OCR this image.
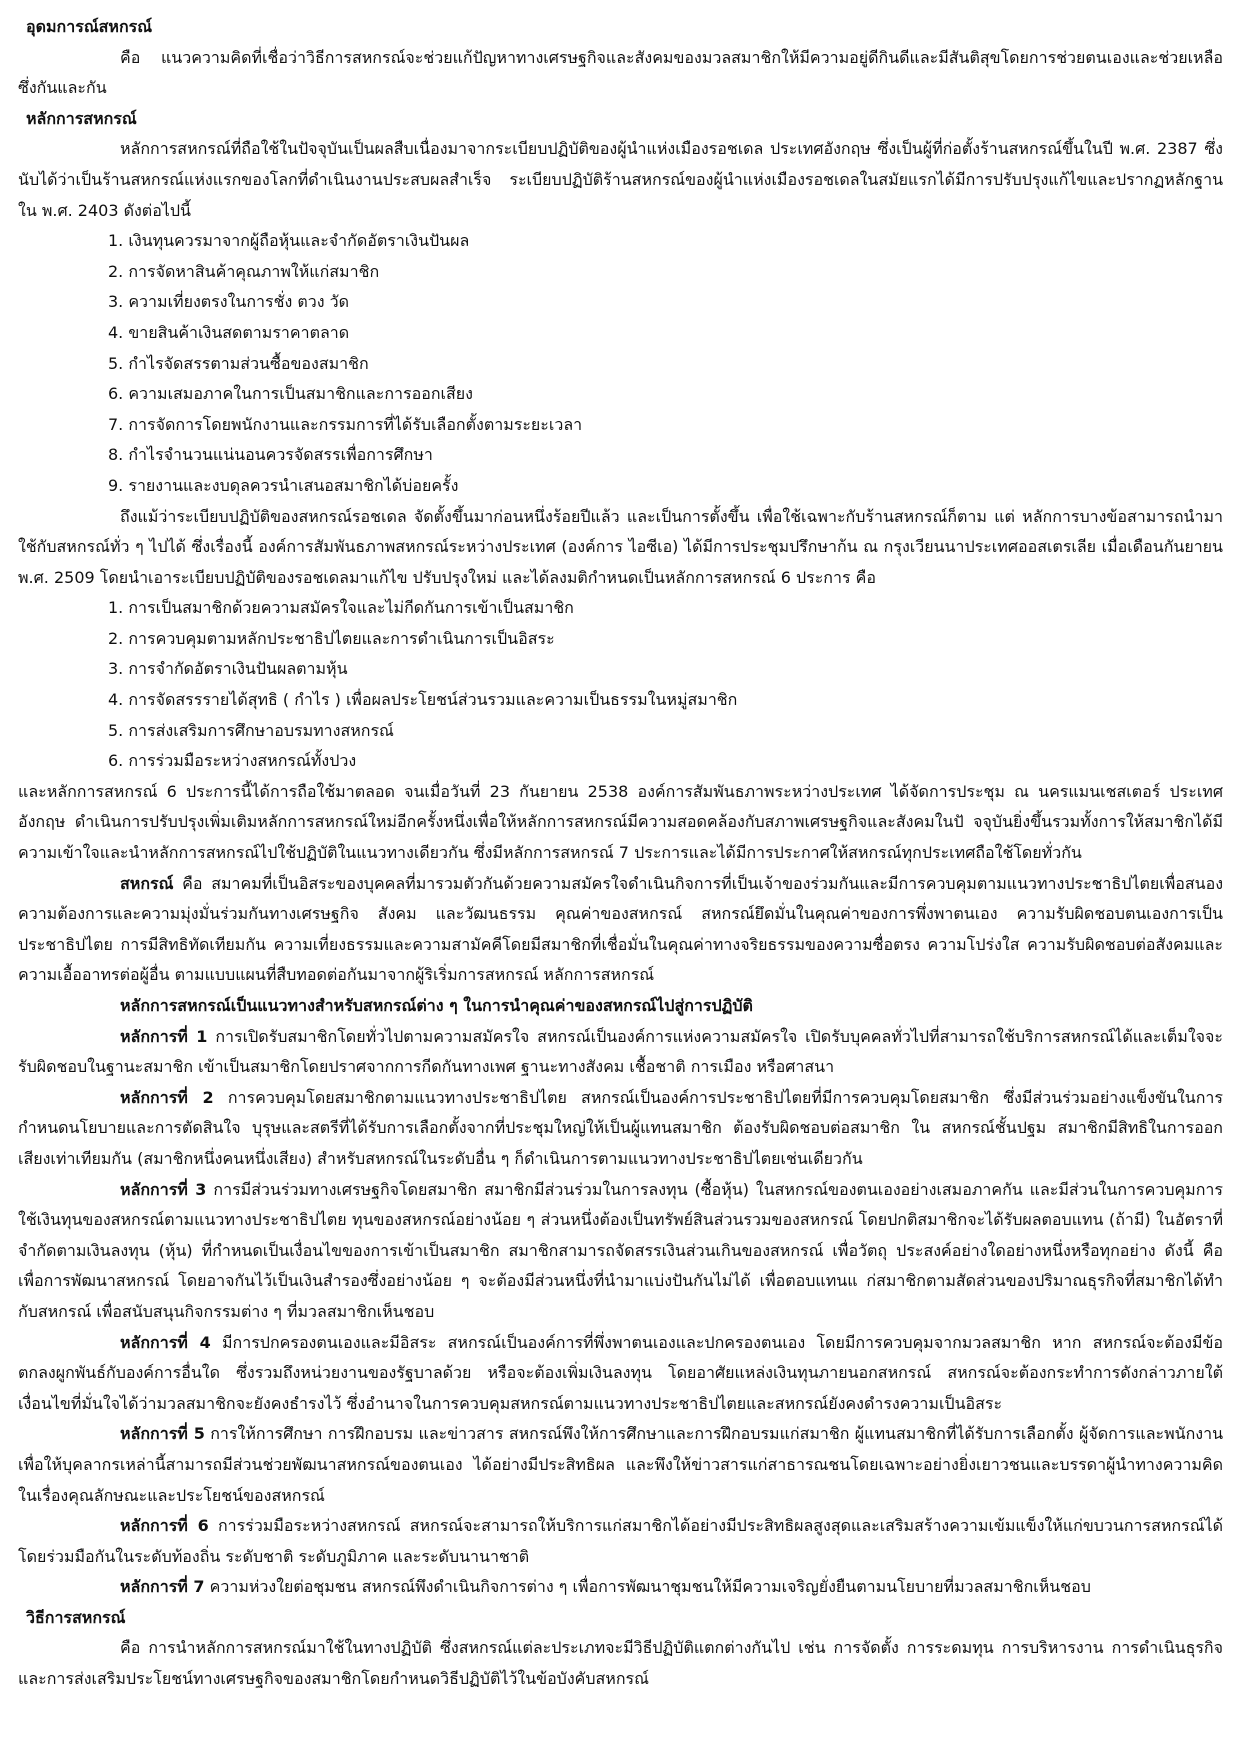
อุดมการณ์สหกรณ์

คือ แนวความคิดที่เชื่อว่าวิธีการสหกรณ์จะช่วยแก้ปัญหาทางเศรษฐกิจและสังคมของมวลสมาชิกให้มีความอยู่ดีกินดีและมีสันติสุขโดยการช่วยตนเองและช่วยเหลือซึ่งกันและกัน

หลักการสหกรณ์

หลักการสหกรณ์ที่ถือใช้ในปัจจุบันเป็นผลสืบเนื่องมาจากระเบียบปฏิบัติของผู้นำแห่งเมืองรอชเดล ประเทศอังกฤษ ซึ่งเป็นผู้ที่ก่อตั้งร้านสหกรณ์ขึ้นในปี พ.ศ. 2387 ซึ่งนับได้ว่าเป็นร้านสหกรณ์แห่งแรกของโลกที่ดำเนินงานประสบผลสำเร็จ ระเบียบปฏิบัติร้านสหกรณ์ของผู้นำแห่งเมืองรอชเดลในสมัยแรกได้มีการปรับปรุงแก้ไขและปรากฏหลักฐานใน พ.ศ. 2403 ดังต่อไปนี้

1. เงินทุนควรมาจากผู้ถือหุ้นและจำกัดอัตราเงินปันผล
2. การจัดหาสินค้าคุณภาพให้แก่สมาชิก
3. ความเที่ยงตรงในการชั่ง ตวง วัด
4. ขายสินค้าเงินสดตามราคาตลาด
5. กำไรจัดสรรตามส่วนซื้อของสมาชิก
6. ความเสมอภาคในการเป็นสมาชิกและการออกเสียง
7. การจัดการโดยพนักงานและกรรมการที่ได้รับเลือกตั้งตามระยะเวลา
8. กำไรจำนวนแน่นอนควรจัดสรรเพื่อการศึกษา
9. รายงานและงบดุลควรนำเสนอสมาชิกได้บ่อยครั้ง

ถึงแม้ว่าระเบียบปฏิบัติของสหกรณ์รอชเดล จัดตั้งขึ้นมาก่อนหนึ่งร้อยปีแล้ว และเป็นการตั้งขึ้น เพื่อใช้เฉพาะกับร้านสหกรณ์ก็ตาม แต่ หลักการบางข้อสามารถนำมาใช้กับสหกรณ์ทั่ว ๆ ไปได้ ซึ่งเรื่องนี้ องค์การสัมพันธภาพสหกรณ์ระหว่างประเทศ (องค์การ ไอซีเอ) ได้มีการประชุมปรึกษาก้น ณ กรุงเวียนนาประเทศออสเตรเลีย เมื่อเดือนกันยายน พ.ศ. 2509 โดยนำเอาระเบียบปฏิบัติของรอชเดลมาแก้ไข ปรับปรุงใหม่ และได้ลงมติกำหนดเป็นหลักการสหกรณ์ 6 ประการ คือ

1. การเป็นสมาชิกด้วยความสมัครใจและไม่กีดกันการเข้าเป็นสมาชิก
2. การควบคุมตามหลักประชาธิปไตยและการดำเนินการเป็นอิสระ
3. การจำกัดอัตราเงินปันผลตามหุ้น
4. การจัดสรรรายได้สุทธิ ( กำไร ) เพื่อผลประโยชน์ส่วนรวมและความเป็นธรรมในหมู่สมาชิก
5. การส่งเสริมการศึกษาอบรมทางสหกรณ์
6. การร่วมมือระหว่างสหกรณ์ทั้งปวง

และหลักการสหกรณ์ 6 ประการนี้ได้การถือใช้มาตลอด จนเมื่อวันที่ 23 กันยายน 2538 องค์การสัมพันธภาพระหว่างประเทศ ได้จัดการประชุม ณ นครแมนเชสเตอร์ ประเทศอังกฤษ ดำเนินการปรับปรุงเพิ่มเติมหลักการสหกรณ์ใหม่อีกครั้งหนึ่งเพื่อให้หลักการสหกรณ์มีความสอดคล้องกับสภาพเศรษฐกิจและสังคมในปั จจุบันยิ่งขึ้นรวมทั้งการให้สมาชิกได้มีความเข้าใจและนำหลักการสหกรณ์ไปใช้ปฏิบัติในแนวทางเดียวกัน ซึ่งมีหลักการสหกรณ์ 7 ประการและได้มีการประกาศให้สหกรณ์ทุกประเทศถือใช้โดยทั่วกัน

สหกรณ์ คือ สมาคมที่เป็นอิสระของบุคคลที่มารวมตัวกันด้วยความสมัครใจดำเนินกิจการที่เป็นเจ้าของร่วมกันและมีการควบคุมตามแนวทางประชาธิปไตยเพื่อสนองความต้องการและความมุ่งมั่นร่วมกันทางเศรษฐกิจ สังคม และวัฒนธรรม คุณค่าของสหกรณ์ สหกรณ์ยึดมั่นในคุณค่าของการพึ่งพาตนเอง ความรับผิดชอบตนเองการเป็นประชาธิปไตย การมีสิทธิทัดเทียมกัน ความเที่ยงธรรมและความสามัคคีโดยมีสมาชิกที่เชื่อมั่นในคุณค่าทางจริยธรรมของความซื่อตรง ความโปร่งใส ความรับผิดชอบต่อสังคมและความเอื้ออาทรต่อผู้อื่น ตามแบบแผนที่สืบทอดต่อกันมาจากผู้ริเริ่มการสหกรณ์ หลักการสหกรณ์

หลักการสหกรณ์เป็นแนวทางสำหรับสหกรณ์ต่าง ๆ ในการนำคุณค่าของสหกรณ์ไปสู่การปฏิบัติ

หลักการที่ 1 การเปิดรับสมาชิกโดยทั่วไปตามความสมัครใจ สหกรณ์เป็นองค์การแห่งความสมัครใจ เปิดรับบุคคลทั่วไปที่สามารถใช้บริการสหกรณ์ได้และเต็มใจจะรับผิดชอบในฐานะสมาชิก เข้าเป็นสมาชิกโดยปราศจากการกีดกันทางเพศ ฐานะทางสังคม เชื้อชาติ การเมือง หรือศาสนา

หลักการที่ 2 การควบคุมโดยสมาชิกตามแนวทางประชาธิปไตย สหกรณ์เป็นองค์การประชาธิปไตยที่มีการควบคุมโดยสมาชิก ซึ่งมีส่วนร่วมอย่างแข็งขันในการกำหนดนโยบายและการตัดสินใจ บุรุษและสตรีที่ได้รับการเลือกตั้งจากที่ประชุมใหญ่ให้เป็นผู้แทนสมาชิก ต้องรับผิดชอบต่อสมาชิก ใน สหกรณ์ชั้นปฐม สมาชิกมีสิทธิในการออกเสียงเท่าเทียมกัน (สมาชิกหนึ่งคนหนึ่งเสียง) สำหรับสหกรณ์ในระดับอื่น ๆ ก็ดำเนินการตามแนวทางประชาธิปไตยเช่นเดียวกัน

หลักการที่ 3 การมีส่วนร่วมทางเศรษฐกิจโดยสมาชิก สมาชิกมีส่วนร่วมในการลงทุน (ซื้อหุ้น) ในสหกรณ์ของตนเองอย่างเสมอภาคกัน และมีส่วนในการควบคุมการใช้เงินทุนของสหกรณ์ตามแนวทางประชาธิปไตย ทุนของสหกรณ์อย่างน้อย ๆ ส่วนหนึ่งต้องเป็นทรัพย์สินส่วนรวมของสหกรณ์ โดยปกติสมาชิกจะได้รับผลตอบแทน (ถ้ามี) ในอัตราที่จำกัดตามเงินลงทุน (หุ้น) ที่กำหนดเป็นเงื่อนไขของการเข้าเป็นสมาชิก สมาชิกสามารถจัดสรรเงินส่วนเกินของสหกรณ์ เพื่อวัตถุ ประสงค์อย่างใดอย่างหนึ่งหรือทุกอย่าง ดังนี้ คือ เพื่อการพัฒนาสหกรณ์ โดยอาจกันไว้เป็นเงินสำรองซึ่งอย่างน้อย ๆ จะต้องมีส่วนหนึ่งที่นำมาแบ่งปันกันไม่ได้ เพื่อตอบแทนแ ก่สมาชิกตามสัดส่วนของปริมาณธุรกิจที่สมาชิกได้ทำกับสหกรณ์ เพื่อสนับสนุนกิจกรรมต่าง ๆ ที่มวลสมาชิกเห็นชอบ

หลักการที่ 4 มีการปกครองตนเองและมีอิสระ สหกรณ์เป็นองค์การที่พึ่งพาตนเองและปกครองตนเอง โดยมีการควบคุมจากมวลสมาชิก หาก สหกรณ์จะต้องมีข้อตกลงผูกพันธ์กับองค์การอื่นใด ซึ่งรวมถึงหน่วยงานของรัฐบาลด้วย หรือจะต้องเพิ่มเงินลงทุน โดยอาศัยแหล่งเงินทุนภายนอกสหกรณ์ สหกรณ์จะต้องกระทำการดังกล่าวภายใต้เงื่อนไขที่มั่นใจได้ว่ามวลสมาชิกจะยังคงธำรงไว้ ซึ่งอำนาจในการควบคุมสหกรณ์ตามแนวทางประชาธิปไตยและสหกรณ์ยังคงดำรงความเป็นอิสระ

หลักการที่ 5 การให้การศึกษา การฝึกอบรม และข่าวสาร สหกรณ์พึงให้การศึกษาและการฝึกอบรมแก่สมาชิก ผู้แทนสมาชิกที่ได้รับการเลือกตั้ง ผู้จัดการและพนักงาน เพื่อให้บุคลากรเหล่านี้สามารถมีส่วนช่วยพัฒนาสหกรณ์ของตนเอง ได้อย่างมีประสิทธิผล และพึงให้ข่าวสารแก่สาธารณชนโดยเฉพาะอย่างยิ่งเยาวชนและบรรดาผู้นำทางความคิด ในเรื่องคุณลักษณะและประโยชน์ของสหกรณ์

หลักการที่ 6 การร่วมมือระหว่างสหกรณ์ สหกรณ์จะสามารถให้บริการแก่สมาชิกได้อย่างมีประสิทธิผลสูงสุดและเสริมสร้างความเข้มแข็งให้แก่ขบวนการสหกรณ์ได้โดยร่วมมือกันในระดับท้องถิ่น ระดับชาติ ระดับภูมิภาค และระดับนานาชาติ

หลักการที่ 7 ความห่วงใยต่อชุมชน สหกรณ์พึงดำเนินกิจการต่าง ๆ เพื่อการพัฒนาชุมชนให้มีความเจริญยั่งยืนตามนโยบายที่มวลสมาชิกเห็นชอบ

วิธีการสหกรณ์

คือ การนำหลักการสหกรณ์มาใช้ในทางปฏิบัติ ซึ่งสหกรณ์แต่ละประเภทจะมีวิธีปฏิบัติแตกต่างกันไป เช่น การจัดตั้ง การระดมทุน การบริหารงาน การดำเนินธุรกิจ และการส่งเสริมประโยชน์ทางเศรษฐกิจของสมาชิกโดยกำหนดวิธีปฏิบัติไว้ในข้อบังคับสหกรณ์
